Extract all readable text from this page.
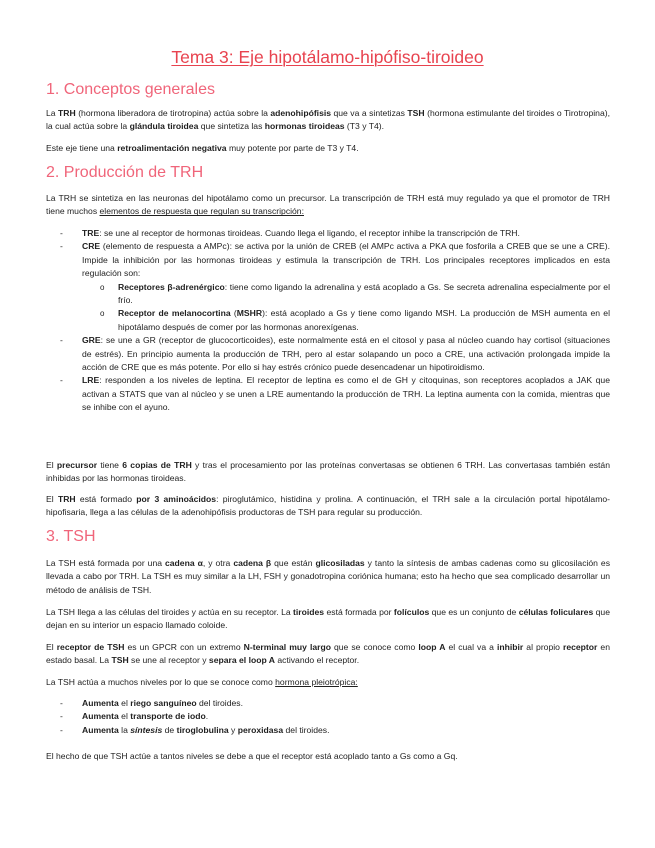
Tema 3: Eje hipotálamo-hipófiso-tiroideo
1. Conceptos generales

La TRH (hormona liberadora de tirotropina) actúa sobre la adenohipófisis que va a sintetizas TSH (hormona estimulante del tiroides o Tirotropina), la cual actúa sobre la glándula tiroidea que sintetiza las hormonas tiroideas (T3 y T4).

Este eje tiene una retroalimentación negativa muy potente por parte de T3 y T4.

2. Producción de TRH

La TRH se sintetiza en las neuronas del hipotálamo como un precursor. La transcripción de TRH está muy regulado ya que el promotor de TRH tiene muchos elementos de respuesta que regulan su transcripción:

- TRE: se une al receptor de hormonas tiroideas. Cuando llega el ligando, el receptor inhibe la transcripción de TRH.
- CRE (elemento de respuesta a AMPc): se activa por la unión de CREB (el AMPc activa a PKA que fosforila a CREB que se une a CRE). Impide la inhibición por las hormonas tiroideas y estimula la transcripción de TRH. Los principales receptores implicados en esta regulación son:
o Receptores β-adrenérgico: tiene como ligando la adrenalina y está acoplado a Gs. Se secreta adrenalina especialmente por el frío.
o Receptor de melanocortina (MSHR): está acoplado a Gs y tiene como ligando MSH. La producción de MSH aumenta en el hipotálamo después de comer por las hormonas anorexígenas.
- GRE: se une a GR (receptor de glucocorticoides), este normalmente está en el citosol y pasa al núcleo cuando hay cortisol (situaciones de estrés). En principio aumenta la producción de TRH, pero al estar solapando un poco a CRE, una activación prolongada impide la acción de CRE que es más potente. Por ello si hay estrés crónico puede desencadenar un hipotiroidismo.
- LRE: responden a los niveles de leptina. El receptor de leptina es como el de GH y citoquinas, son receptores acoplados a JAK que activan a STATS que van al núcleo y se unen a LRE aumentando la producción de TRH. La leptina aumenta con la comida, mientras que se inhibe con el ayuno.

El precursor tiene 6 copias de TRH y tras el procesamiento por las proteínas convertasas se obtienen 6 TRH. Las convertasas también están inhibidas por las hormonas tiroideas.

El TRH está formado por 3 aminoácidos: piroglutámico, histidina y prolina. A continuación, el TRH sale a la circulación portal hipotálamo-hipofisaria, llega a las células de la adenohipófisis productoras de TSH para regular su producción.

3. TSH

La TSH está formada por una cadena α, y otra cadena β que están glicosiladas y tanto la síntesis de ambas cadenas como su glicosilación es llevada a cabo por TRH. La TSH es muy similar a la LH, FSH y gonadotropina coriónica humana; esto ha hecho que sea complicado desarrollar un método de análisis de TSH.

La TSH llega a las células del tiroides y actúa en su receptor. La tiroides está formada por folículos que es un conjunto de células foliculares que dejan en su interior un espacio llamado coloide.

El receptor de TSH es un GPCR con un extremo N-terminal muy largo que se conoce como loop A el cual va a inhibir al propio receptor en estado basal. La TSH se une al receptor y separa el loop A activando el receptor.

La TSH actúa a muchos niveles por lo que se conoce como hormona pleiotrópica:

- Aumenta el riego sanguíneo del tiroides.
- Aumenta el transporte de iodo.
- Aumenta la síntesis de tiroglobulina y peroxidasa del tiroides.

El hecho de que TSH actúe a tantos niveles se debe a que el receptor está acoplado tanto a Gs como a Gq.
